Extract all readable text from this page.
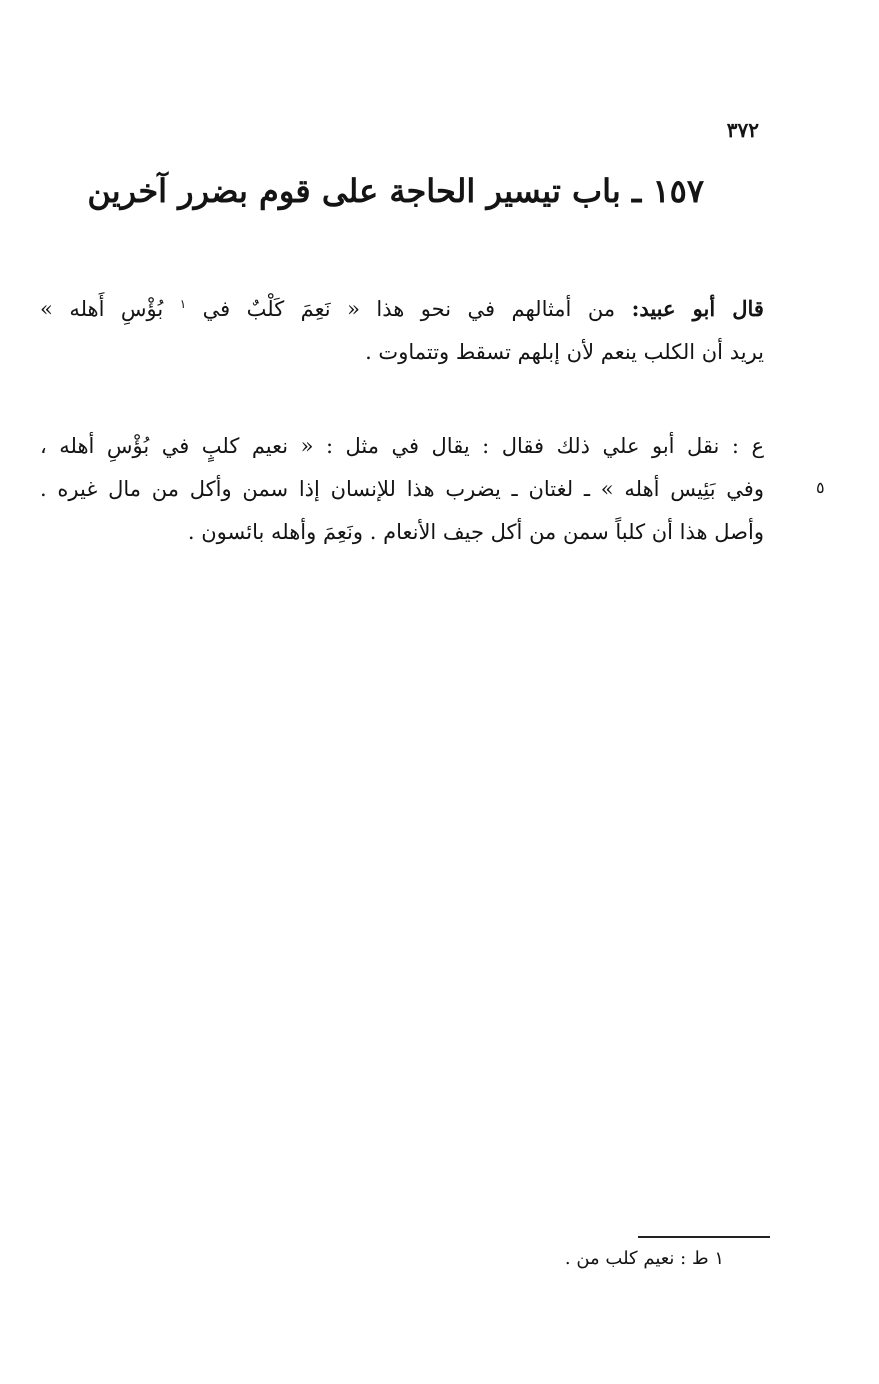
٣٧٢
١٥٧ ـ باب تيسير الحاجة على قوم بضرر آخرين
قال أبو عبيد: من أمثالهم في نحو هذا « نَعِمَ كَلْبٌ في $^١$ بُؤْسِ أَهله »
يريد أن الكلب ينعم لأن إبلهم تسقط وتتماوت .
ع : نقل أبو علي ذلك فقال : يقال في مثل : « نعيم كلبٍ في بُؤْسِ أهله ،
وفي بَئِيس أهله » ـ لغتان ـ يضرب هذا للإنسان إذا سمن وأكل من مال غيره .
وأصل هذا أن كلباً سمن من أكل جيف الأنعام . ونَعِمَ وأهله بائسون .
٥
١ ط : نعيم كلب من .
